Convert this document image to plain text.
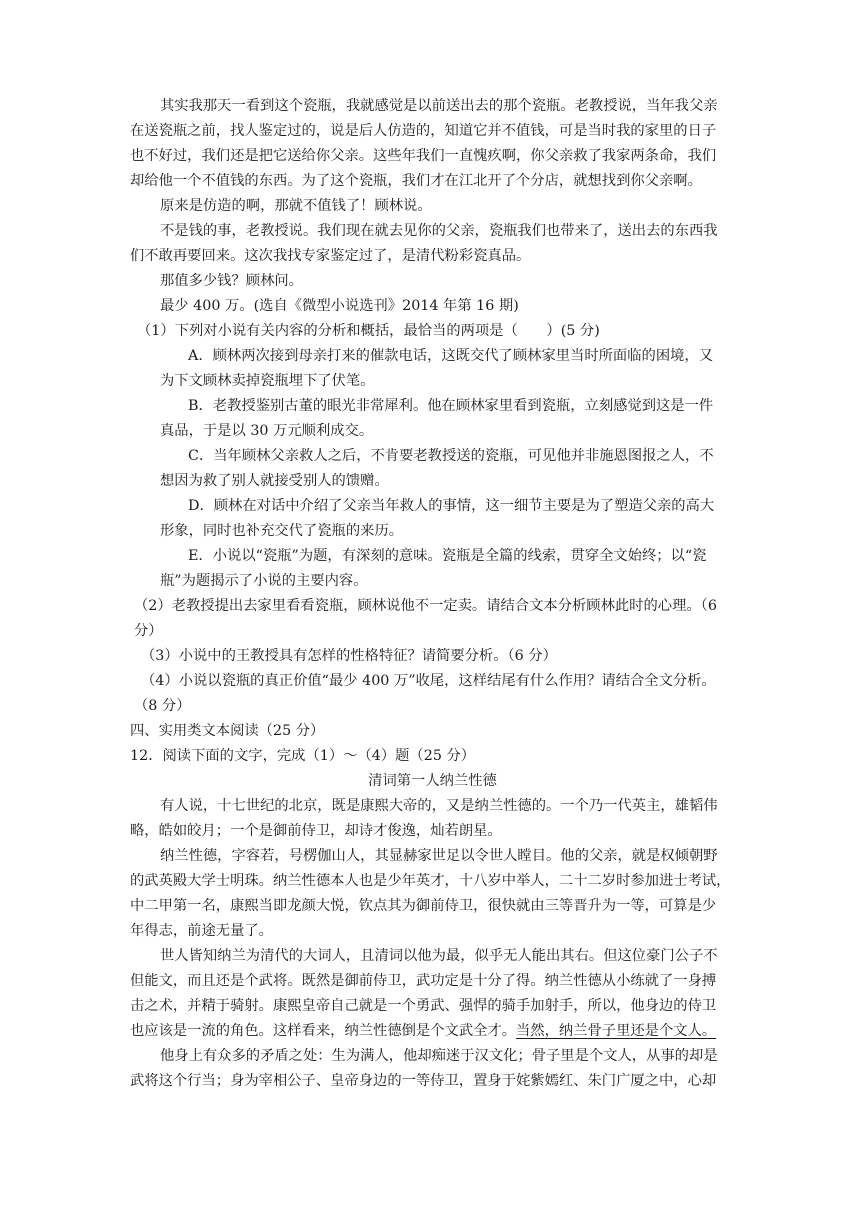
其实我那天一看到这个瓷瓶，我就感觉是以前送出去的那个瓷瓶。老教授说，当年我父亲
在送瓷瓶之前，找人鉴定过的，说是后人仿造的，知道它并不值钱，可是当时我的家里的日子
也不好过，我们还是把它送给你父亲。这些年我们一直愧疚啊，你父亲救了我家两条命，我们
却给他一个不值钱的东西。为了这个瓷瓶，我们才在江北开了个分店，就想找到你父亲啊。
原来是仿造的啊，那就不值钱了！顾林说。
不是钱的事，老教授说。我们现在就去见你的父亲，瓷瓶我们也带来了，送出去的东西我
们不敢再要回来。这次我找专家鉴定过了，是清代粉彩瓷真品。
那值多少钱？顾林问。
最少 400 万。(选自《微型小说选刊》2014 年第 16 期)
（1）下列对小说有关内容的分析和概括，最恰当的两项是（　　）(5 分)
A．顾林两次接到母亲打来的催款电话，这既交代了顾林家里当时所面临的困境，又
为下文顾林卖掉瓷瓶埋下了伏笔。
B．老教授鉴别古董的眼光非常犀利。他在顾林家里看到瓷瓶，立刻感觉到这是一件
真品，于是以 30 万元顺利成交。
C．当年顾林父亲救人之后，不肯要老教授送的瓷瓶，可见他并非施恩图报之人，不
想因为救了别人就接受别人的馈赠。
D．顾林在对话中介绍了父亲当年救人的事情，这一细节主要是为了塑造父亲的高大
形象，同时也补充交代了瓷瓶的来历。
E．小说以“瓷瓶”为题，有深刻的意味。瓷瓶是全篇的线索，贯穿全文始终；以“瓷
瓶”为题揭示了小说的主要内容。
（2）老教授提出去家里看看瓷瓶，顾林说他不一定卖。请结合文本分析顾林此时的心理。（6
分）
（3）小说中的王教授具有怎样的性格特征？请简要分析。（6 分）
（4）小说以瓷瓶的真正价值“最少 400 万”收尾，这样结尾有什么作用？请结合全文分析。
（8 分）
四、实用类文本阅读（25 分）
12．阅读下面的文字，完成（1）～（4）题（25 分）
清词第一人纳兰性德
有人说，十七世纪的北京，既是康熙大帝的，又是纳兰性德的。一个乃一代英主，雄韬伟
略，皓如皎月；一个是御前侍卫，却诗才俊逸，灿若朗星。
纳兰性德，字容若，号楞伽山人，其显赫家世足以令世人瞠目。他的父亲，就是权倾朝野
的武英殿大学士明珠。纳兰性德本人也是少年英才，十八岁中举人，二十二岁时参加进士考试，
中二甲第一名，康熙当即龙颜大悦，钦点其为御前侍卫，很快就由三等晋升为一等，可算是少
年得志，前途无量了。
世人皆知纳兰为清代的大词人，且清词以他为最，似乎无人能出其右。但这位豪门公子不
但能文，而且还是个武将。既然是御前侍卫，武功定是十分了得。纳兰性德从小练就了一身搏
击之术，并精于骑射。康熙皇帝自己就是一个勇武、强悍的骑手加射手，所以，他身边的侍卫
也应该是一流的角色。这样看来，纳兰性德倒是个文武全才。当然，纳兰骨子里还是个文人。
他身上有众多的矛盾之处：生为满人，他却痴迷于汉文化；骨子里是个文人，从事的却是
武将这个行当；身为宰相公子、皇帝身边的一等侍卫，置身于姹紫嫣红、朱门广厦之中，心却
